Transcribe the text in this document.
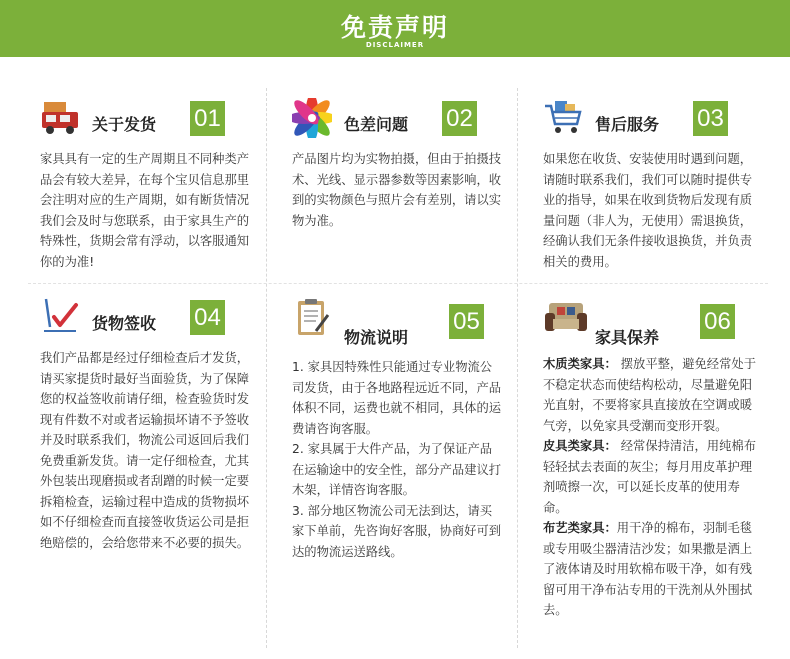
免责声明
DISCLAIMER
关于发货 01
家具具有一定的生产周期且不同种类产品会有较大差异，在每个宝贝信息那里会注明对应的生产周期，如有断货情况我们会及时与您联系，由于家具生产的特殊性，货期会常有浮动，以客服通知你的为准!
色差问题 02
产品图片均为实物拍摄，但由于拍摄技术、光线、显示器参数等因素影响，收到的实物颜色与照片会有差别，请以实物为准。
售后服务 03
如果您在收货、安装使用时遇到问题，请随时联系我们，我们可以随时提供专业的指导，如果在收到货物后发现有质量问题（非人为，无使用）需退换货，经确认我们无条件接收退换货，并负责相关的费用。
货物签收 04
我们产品都是经过仔细检查后才发货，请买家提货时最好当面验货，为了保障您的权益签收前请仔细，检查验货时发现有件数不对或者运输损坏请不予签收并及时联系我们，物流公司返回后我们免费重新发货。请一定仔细检查，尤其外包装出现磨损或者刮蹭的时候一定要拆箱检查，运输过程中造成的货物损坏如不仔细检查而直接签收货运公司是拒绝赔偿的，会给您带来不必要的损失。
物流说明
05

1. 家具因特殊性只能通过专业物流公司发货，由于各地路程远近不同，产品体积不同，运费也就不相同，具体的运费请咨询客服。

2. 家具属于大件产品，为了保证产品在运输途中的安全性，部分产品建议打木架，详情咨询客服。

3. 部分地区物流公司无法到达，请买家下单前，先咨询好客服，协商好可到达的物流运送路线。

家具保养
06

木质类家具： 摆放平整，避免经常处于不稳定状态而使结构松动，尽量避免阳光直射，不要将家具直接放在空调或暖气旁，以免家具受潮而变形开裂。

皮具类家具： 经常保持清洁，用纯棉布轻轻拭去表面的灰尘；每月用皮革护理剂喷擦一次，可以延长皮革的使用寿命。

布艺类家具：用干净的棉布，羽制毛毯或专用吸尘器清洁沙发；如果撒是洒上了液体请及时用软棉布吸干净，如有残留可用干净布沾专用的干洗剂从外围拭去。
